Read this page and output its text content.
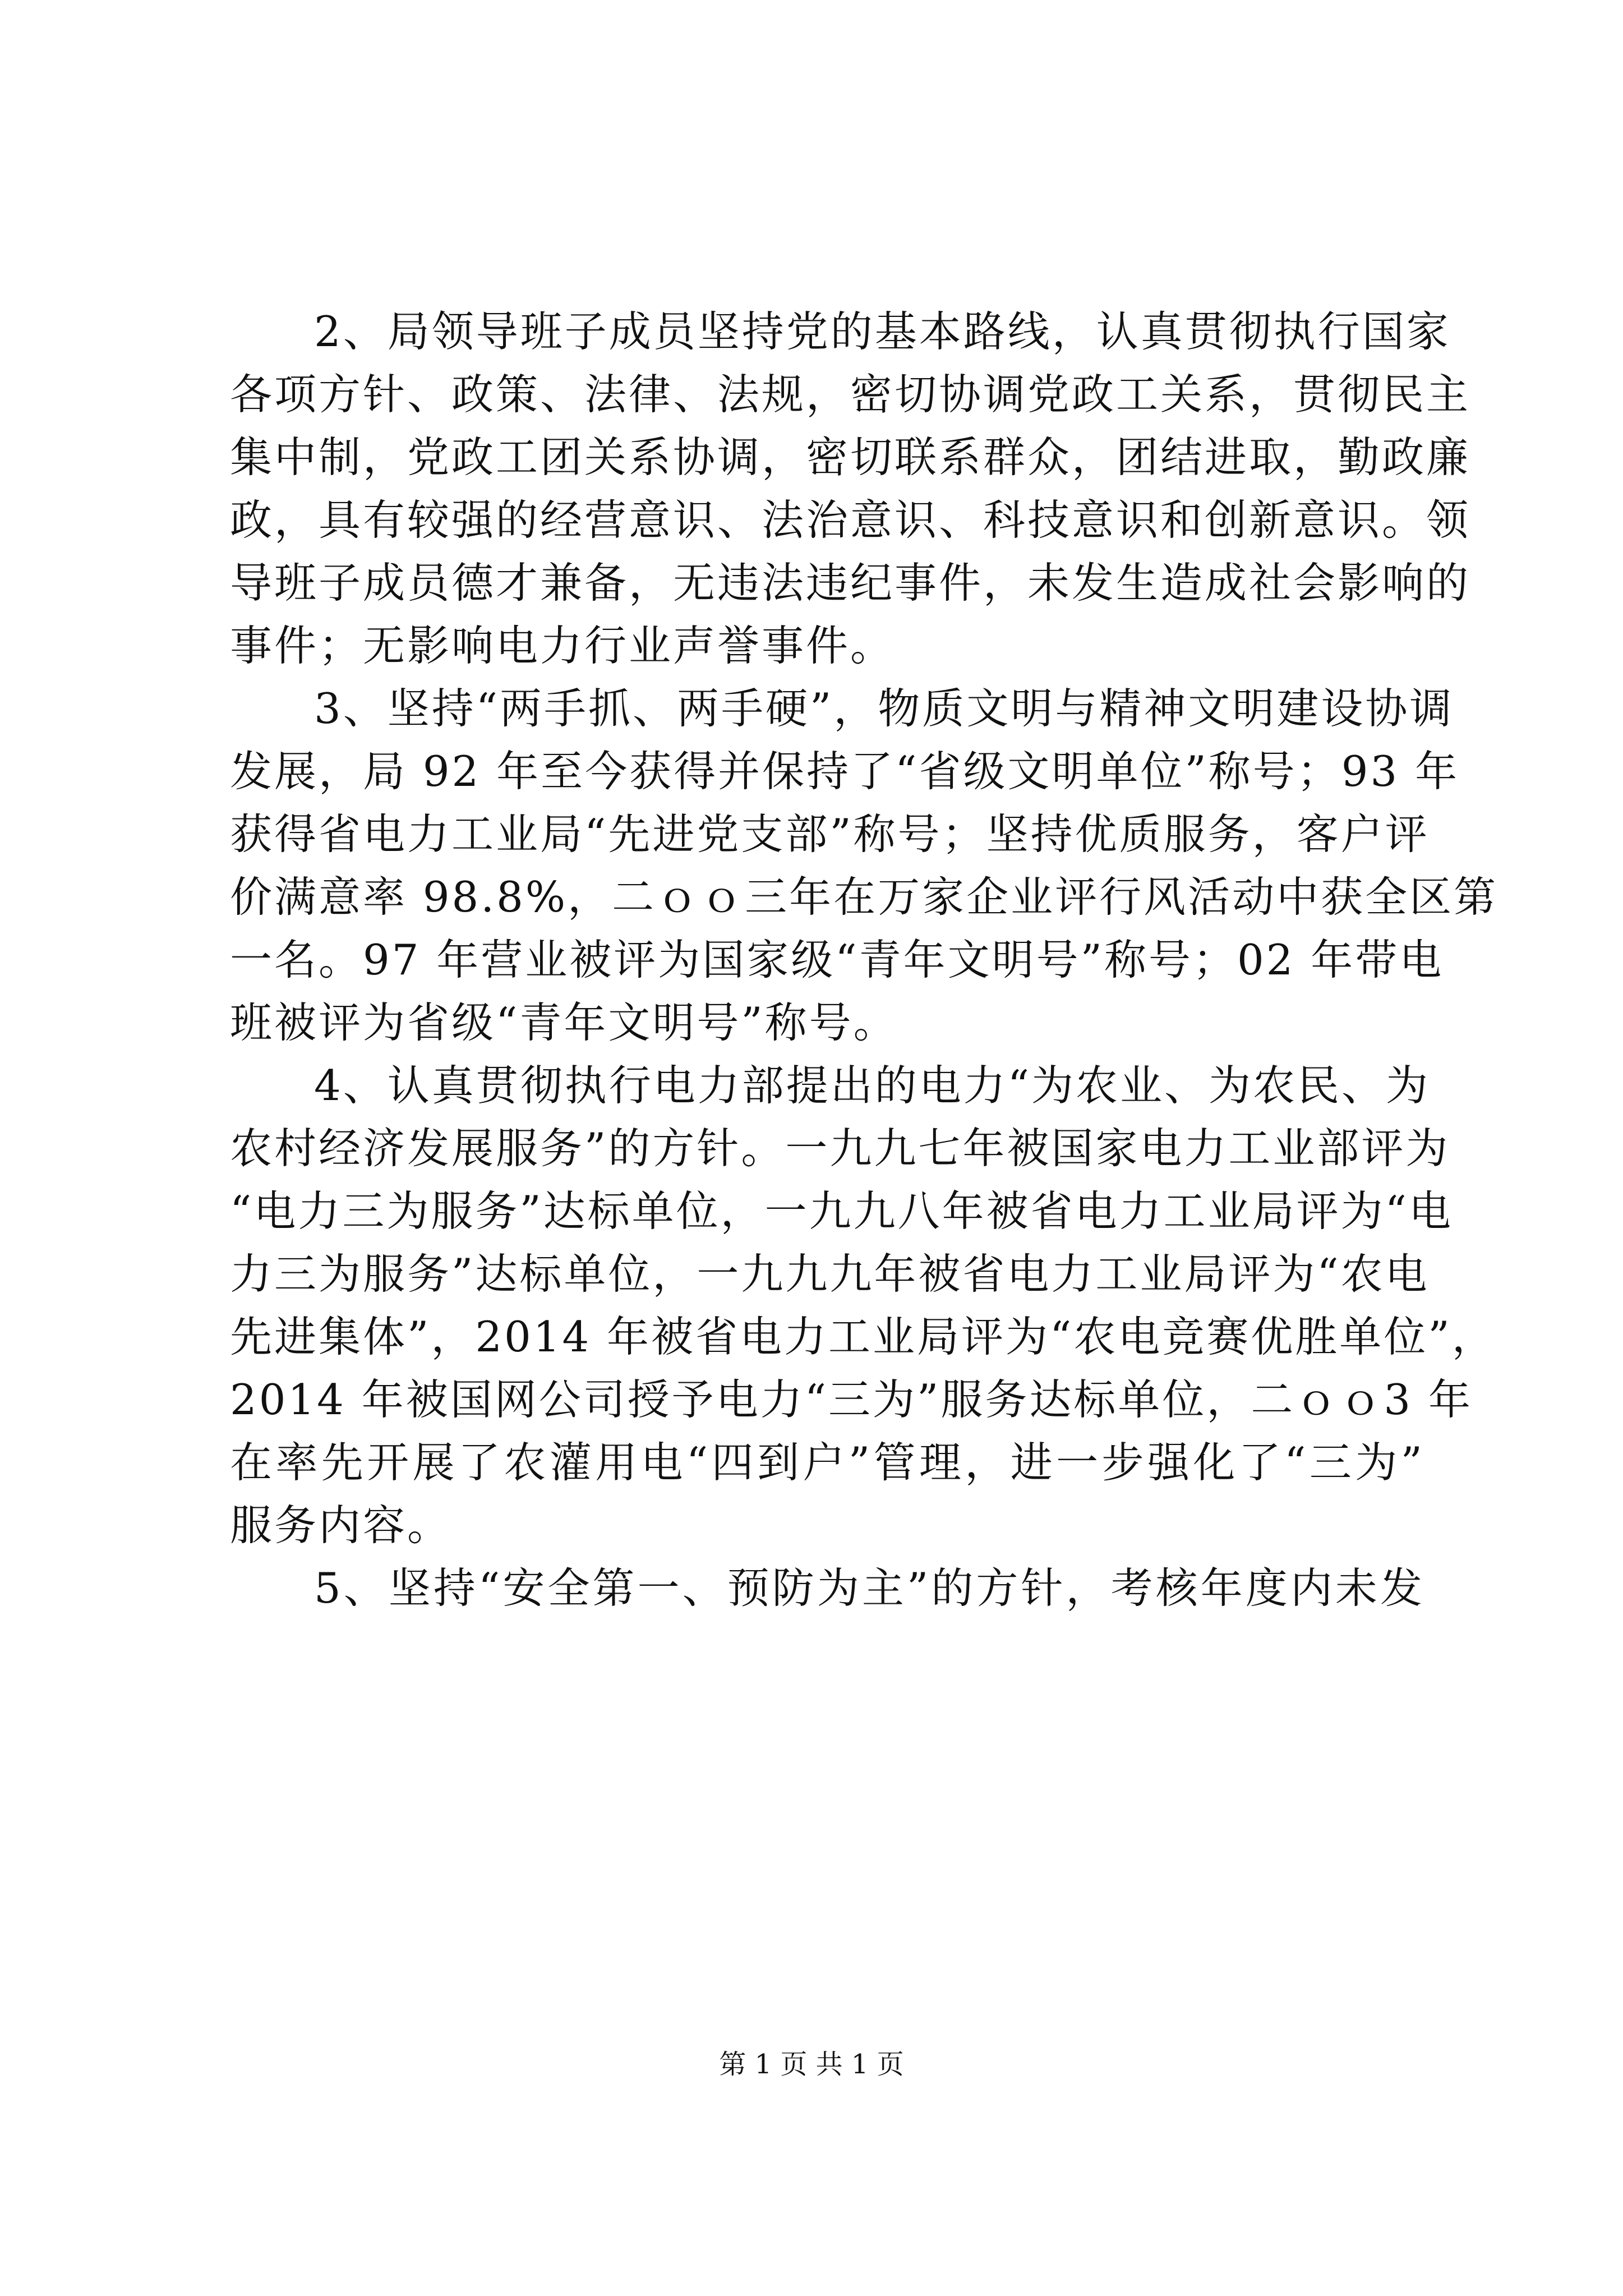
2、局领导班子成员坚持党的基本路线，认真贯彻执行国家
各项方针、政策、法律、法规，密切协调党政工关系，贯彻民主
集中制，党政工团关系协调，密切联系群众，团结进取，勤政廉
政，具有较强的经营意识、法治意识、科技意识和创新意识。领
导班子成员德才兼备，无违法违纪事件，未发生造成社会影响的
事件；无影响电力行业声誉事件。
3、坚持“两手抓、两手硬”，物质文明与精神文明建设协调
发展，局 92 年至今获得并保持了“省级文明单位”称号；93 年
获得省电力工业局“先进党支部”称号；坚持优质服务，客户评
价满意率 98.8%，二ｏｏ三年在万家企业评行风活动中获全区第
一名。97 年营业被评为国家级“青年文明号”称号；02 年带电
班被评为省级“青年文明号”称号。
4、认真贯彻执行电力部提出的电力“为农业、为农民、为
农村经济发展服务”的方针。一九九七年被国家电力工业部评为
“电力三为服务”达标单位，一九九八年被省电力工业局评为“电
力三为服务”达标单位，一九九九年被省电力工业局评为“农电
先进集体”，2014 年被省电力工业局评为“农电竞赛优胜单位”，
2014 年被国网公司授予电力“三为”服务达标单位，二ｏｏ3 年
在率先开展了农灌用电“四到户”管理，进一步强化了“三为”
服务内容。
5、坚持“安全第一、预防为主”的方针，考核年度内未发
第 1 页 共 1 页
